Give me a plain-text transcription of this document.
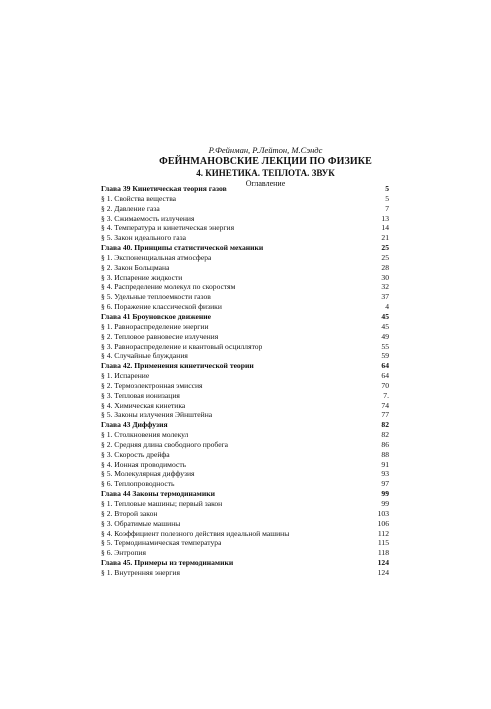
Р.Фейнман, Р.Лейтон, М.Сэндс
ФЕЙНМАНОВСКИЕ ЛЕКЦИИ ПО ФИЗИКЕ
4. КИНЕТИКА. ТЕПЛОТА. ЗВУК
Оглавление
Глава 39 Кинетическая теория газов	5
§ 1. Свойства вещества	5
§ 2. Давление газа	7
§ 3. Сжимаемость излучения	13
§ 4. Температура и кинетическая энергия	14
§ 5. Закон идеального газа	21
Глава 40. Принципы статистической механики	25
§ 1. Экспоненциальная атмосфера	25
§ 2. Закон Больцмана	28
§ 3. Испарение жидкости	30
§ 4. Распределение молекул по скоростям	32
§ 5. Удельные теплоемкости газов	37
§ 6. Поражение классической физики	4
Глава 41 Броуновское движение	45
§ 1. Равнораспределение энергии	45
§ 2. Тепловое равновесие излучения	49
§ 3. Равнораспределение и квантовый осциллятор	55
§ 4. Случайные блуждания	59
Глава 42. Применения кинетической теории	64
§ 1. Испарение	64
§ 2. Термоэлектронная эмиссия	70
§ 3. Тепловая ионизация	7.
§ 4. Химическая кинетика	74
§ 5. Законы излучения Эйнштейна	77
Глава 43 Диффузия	82
§ 1. Столкновения молекул	82
§ 2. Средняя длина свободного пробега	86
§ 3. Скорость дрейфа	88
§ 4. Ионная проводимость	91
§ 5. Молекулярная диффузия	93
§ 6. Теплопроводность	97
Глава 44 Законы термодинамики	99
§ 1. Тепловые машины; первый закон	99
§ 2. Второй закон	103
§ 3. Обратимые машины	106
§ 4. Коэффициент полезного действия идеальной машины	112
§ 5. Термодинамическая температура	115
§ 6. Энтропия	118
Глава 45. Примеры из термодинамики	124
§ 1. Внутренняя энергия	124
